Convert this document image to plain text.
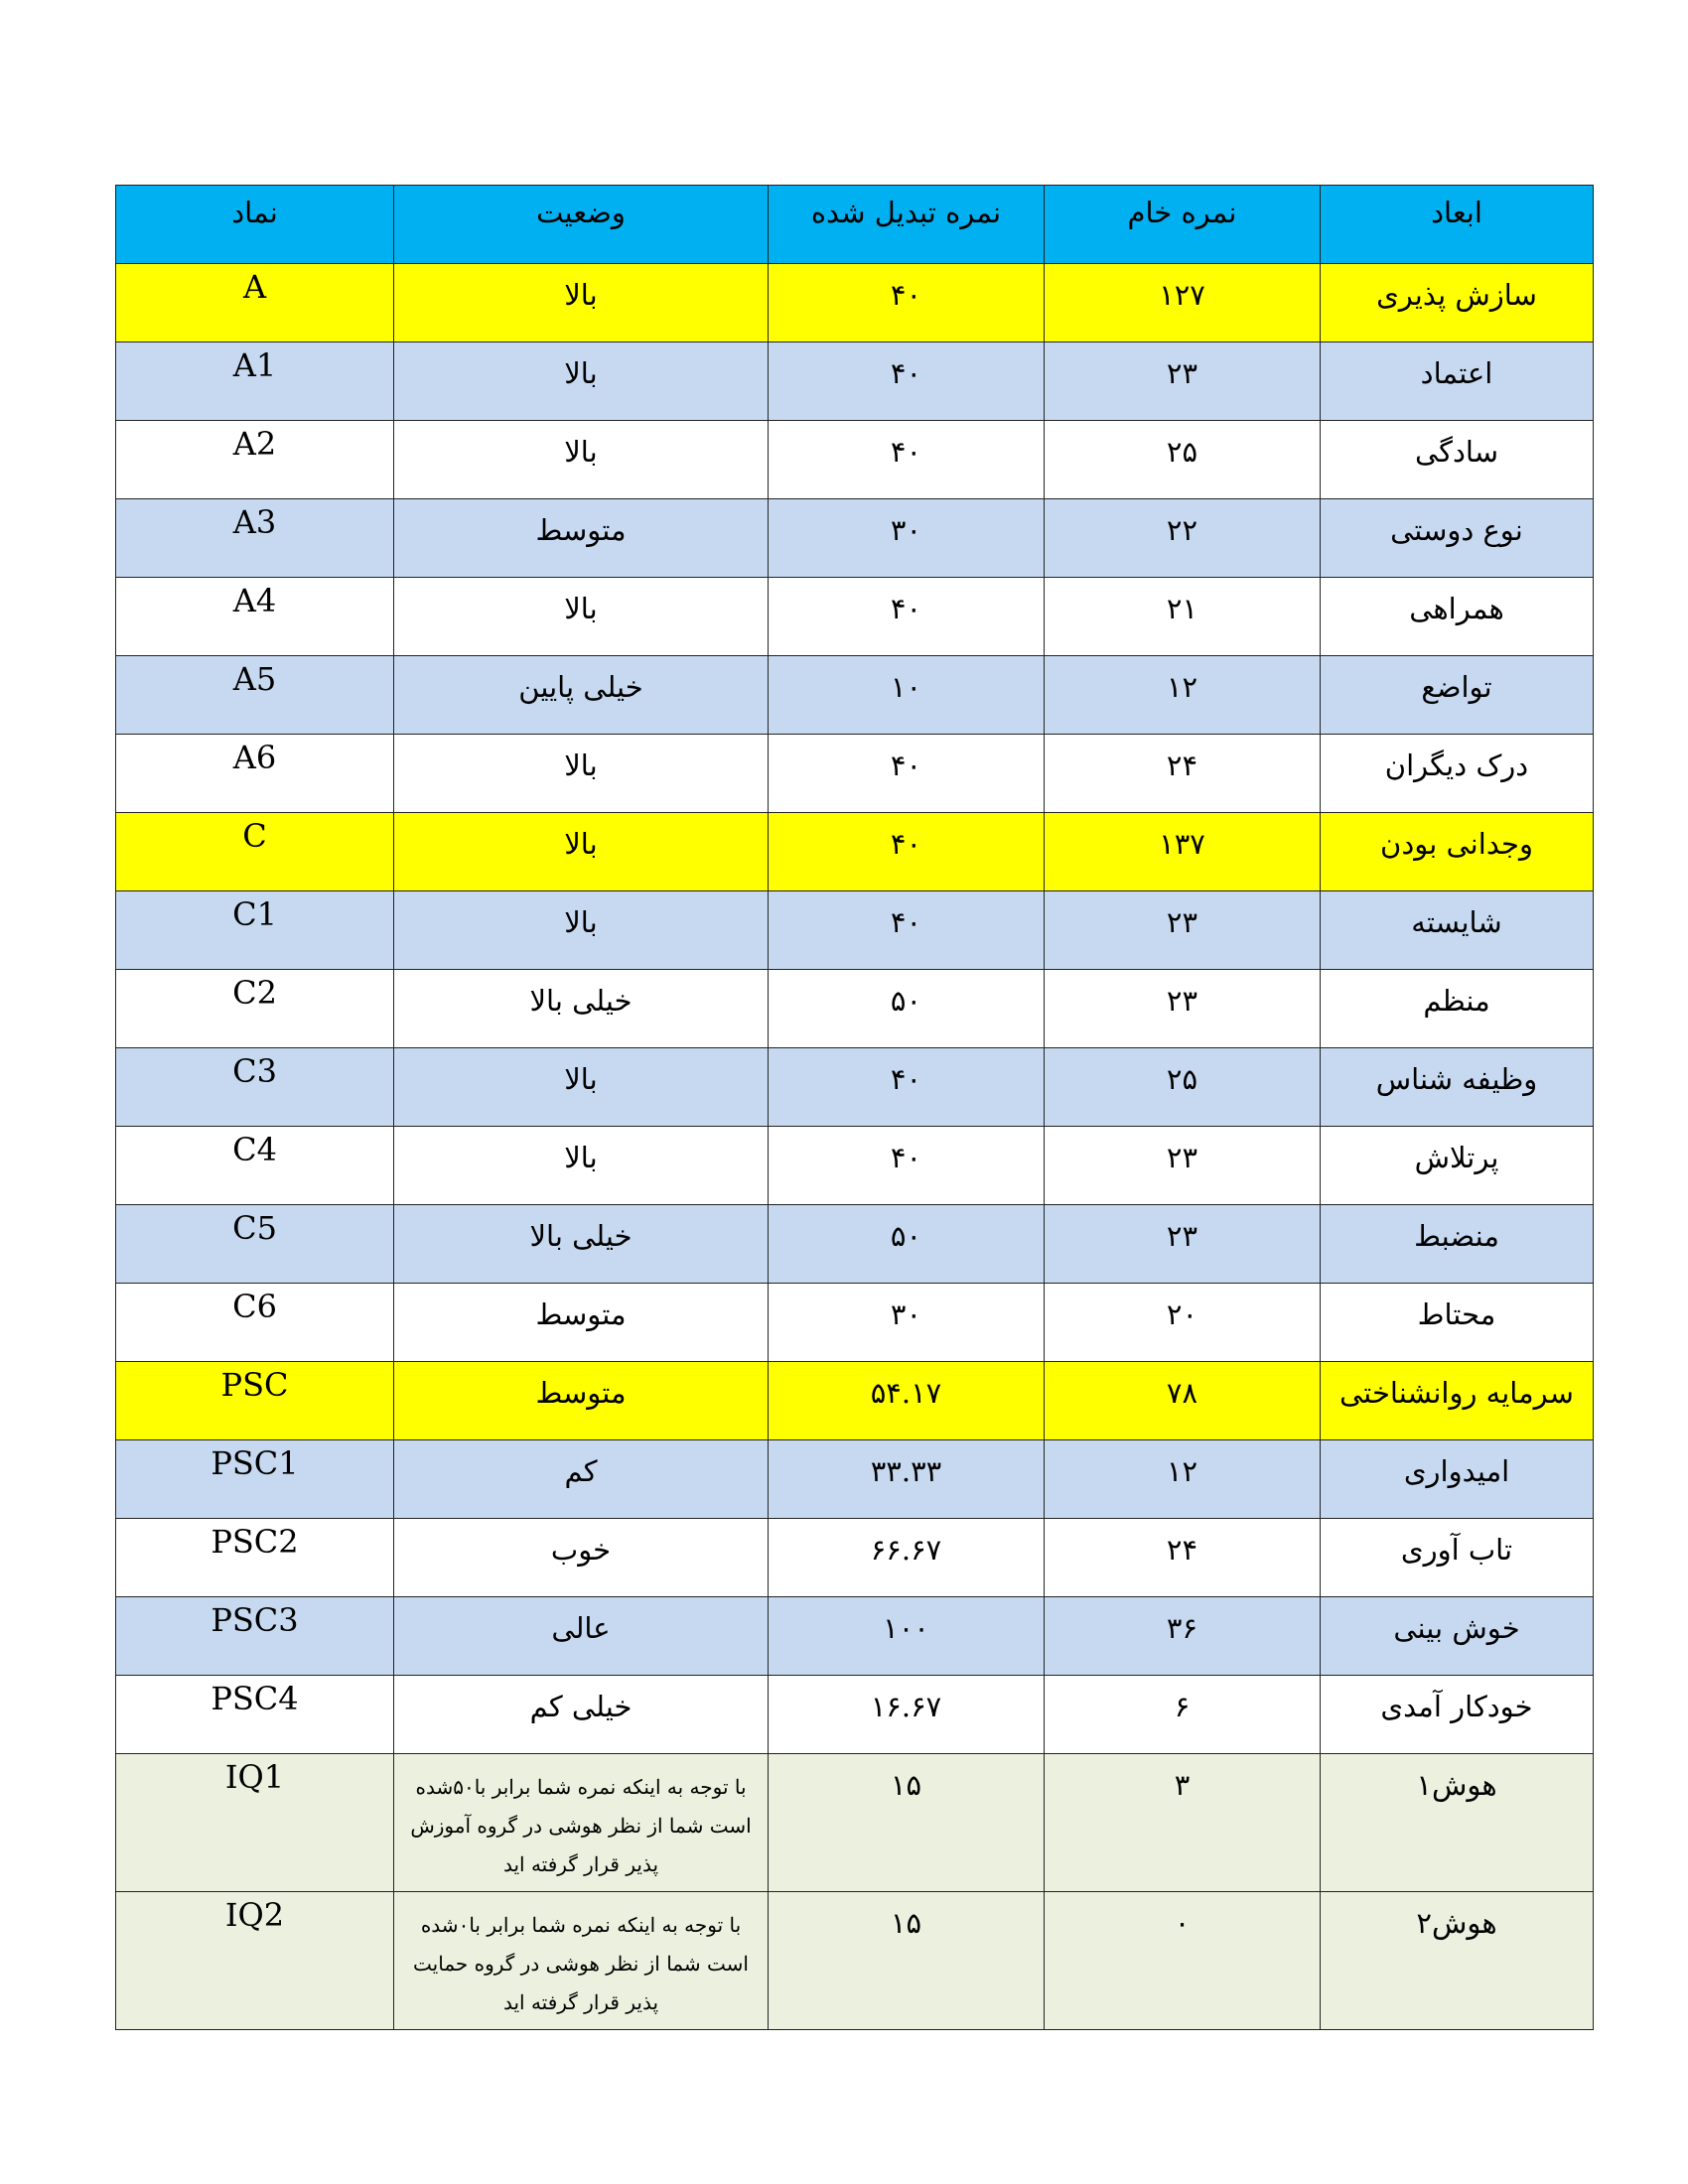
نماد	وضعیت	نمره تبدیل شده	نمره خام	ابعاد
A	بالا	۴۰	۱۲۷	سازش پذیری
A1	بالا	۴۰	۲۳	اعتماد
A2	بالا	۴۰	۲۵	سادگی
A3	متوسط	۳۰	۲۲	نوع دوستی
A4	بالا	۴۰	۲۱	همراهی
A5	خیلی پایین	۱۰	۱۲	تواضع
A6	بالا	۴۰	۲۴	درک دیگران
C	بالا	۴۰	۱۳۷	وجدانی بودن
C1	بالا	۴۰	۲۳	شایسته
C2	خیلی بالا	۵۰	۲۳	منظم
C3	بالا	۴۰	۲۵	وظیفه شناس
C4	بالا	۴۰	۲۳	پرتلاش
C5	خیلی بالا	۵۰	۲۳	منضبط
C6	متوسط	۳۰	۲۰	محتاط
PSC	متوسط	۵۴.۱۷	۷۸	سرمایه روانشناختی
PSC1	کم	۳۳.۳۳	۱۲	امیدواری
PSC2	خوب	۶۶.۶۷	۲۴	تاب آوری
PSC3	عالی	۱۰۰	۳۶	خوش بینی
PSC4	خیلی کم	۱۶.۶۷	۶	خودکار آمدی
IQ1	با توجه به اینکه نمره شما برابر با۵۰شده است شما از نظر هوشی در گروه آموزش پذیر قرار گرفته اید	۱۵	۳	هوش۱
IQ2	با توجه به اینکه نمره شما برابر با۰شده است شما از نظر هوشی در گروه حمایت پذیر قرار گرفته اید	۱۵	۰	هوش۲
